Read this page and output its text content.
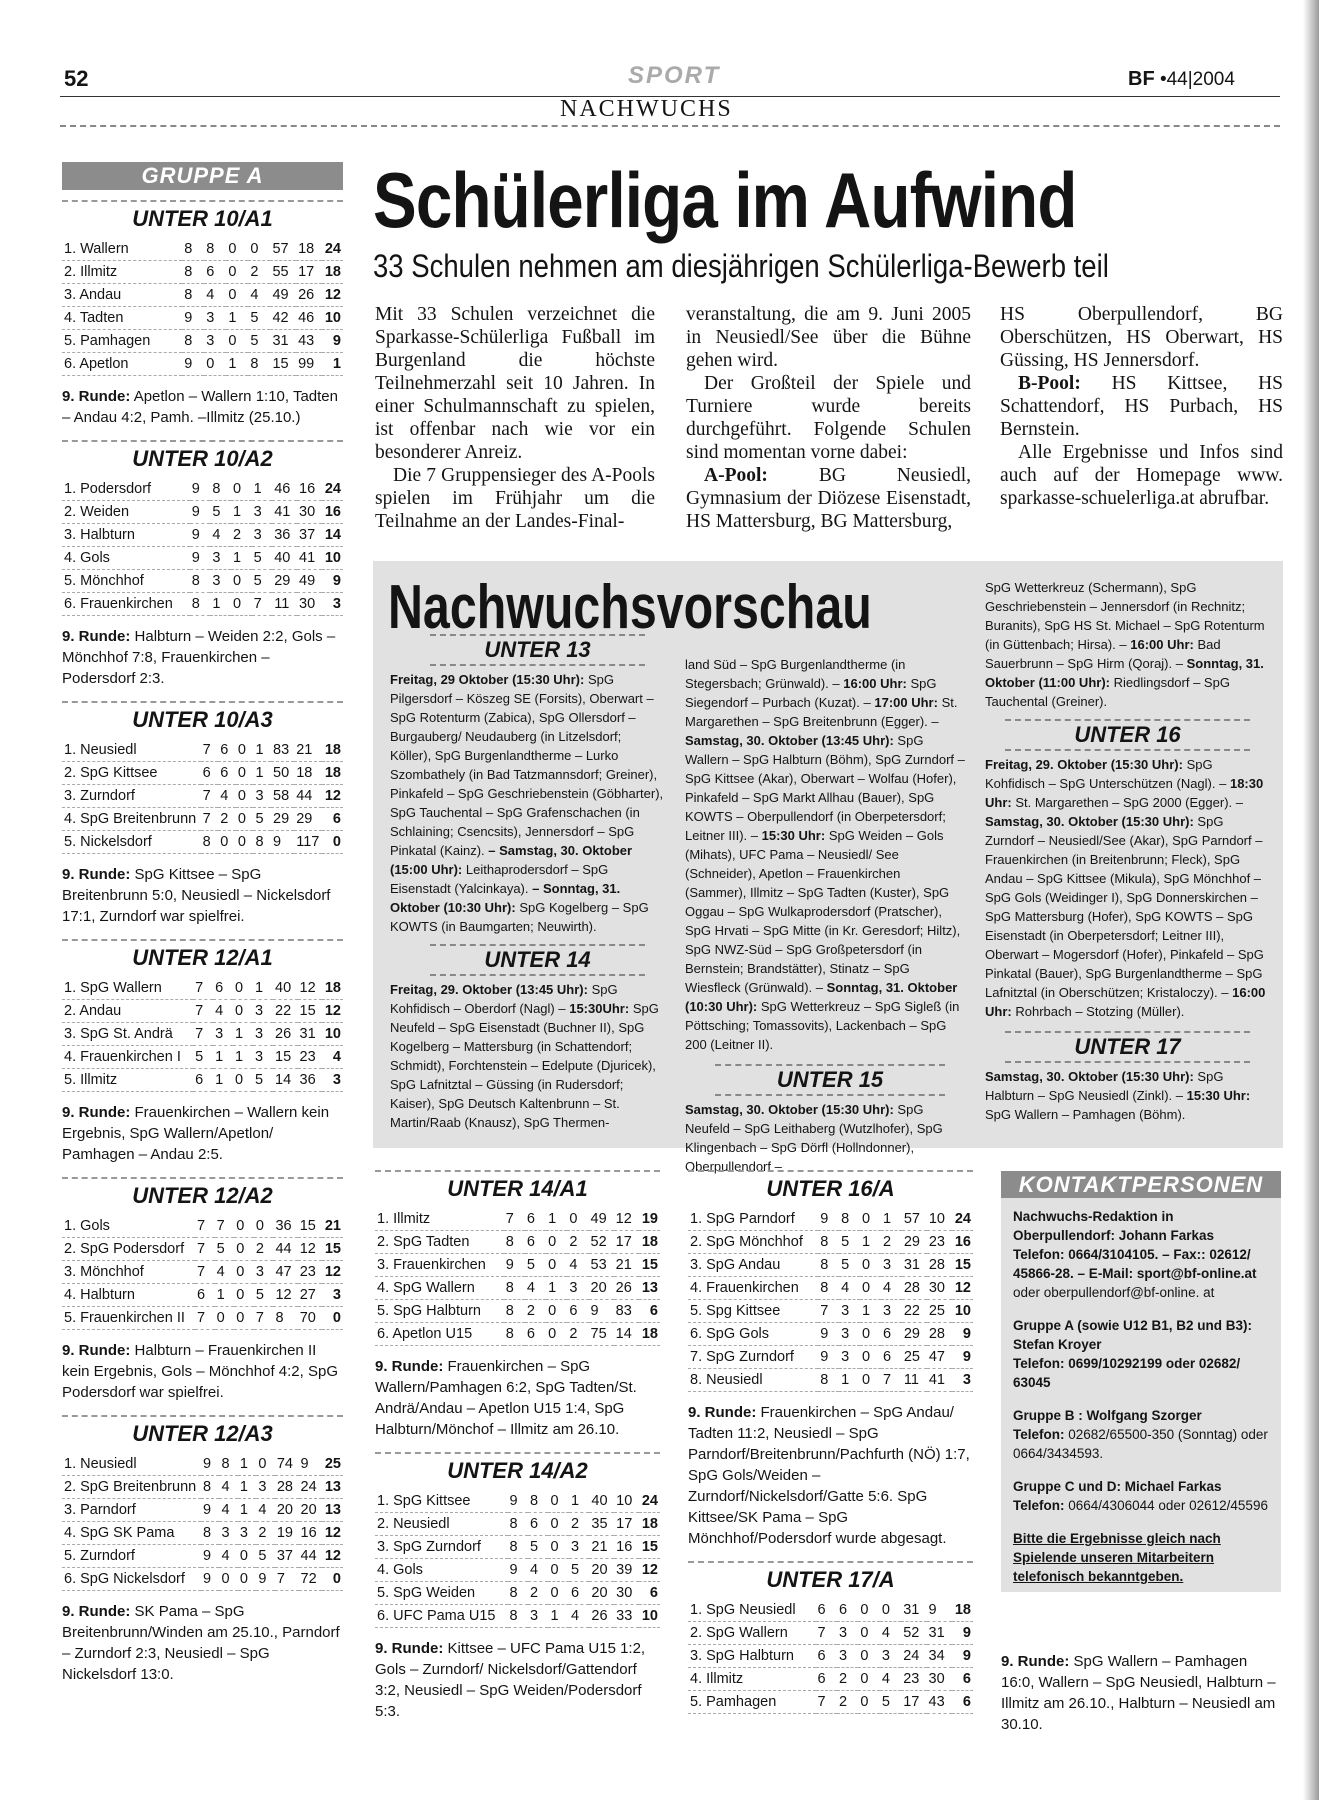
52	SPORT	BF •44|2004
NACHWUCHS
GRUPPE A
UNTER 10/A1
1. Wallern	8	8	0	0	57	18	24
2. Illmitz	8	6	0	2	55	17	18
3. Andau	8	4	0	4	49	26	12
4. Tadten	9	3	1	5	42	46	10
5. Pamhagen	8	3	0	5	31	43	9
6. Apetlon	9	0	1	8	15	99	1
9. Runde: Apetlon – Wallern 1:10, Tadten – Andau 4:2, Pamh. –Illmitz (25.10.)
UNTER 10/A2
1. Podersdorf	9	8	0	1	46	16	24
2. Weiden	9	5	1	3	41	30	16
3. Halbturn	9	4	2	3	36	37	14
4. Gols	9	3	1	5	40	41	10
5. Mönchhof	8	3	0	5	29	49	9
6. Frauenkirchen	8	1	0	7	11	30	3
9. Runde: Halbturn – Weiden 2:2, Gols – Mönchhof 7:8, Frauenkirchen – Podersdorf 2:3.
UNTER 10/A3
1. Neusiedl	7	6	0	1	83	21	18
2. SpG Kittsee	6	6	0	1	50	18	18
3. Zurndorf	7	4	0	3	58	44	12
4. SpG Breitenbrunn	7	2	0	5	29	29	6
5. Nickelsdorf	8	0	0	8	9	117	0
9. Runde: SpG Kittsee – SpG Breitenbrunn 5:0, Neusiedl – Nickelsdorf 17:1, Zurndorf war spielfrei.
UNTER 12/A1
1. SpG Wallern	7	6	0	1	40	12	18
2. Andau	7	4	0	3	22	15	12
3. SpG St. Andrä	7	3	1	3	26	31	10
4. Frauenkirchen I	5	1	1	3	15	23	4
5. Illmitz	6	1	0	5	14	36	3
9. Runde: Frauenkirchen – Wallern kein Ergebnis, SpG Wallern/Apetlon/ Pamhagen – Andau 2:5.
UNTER 12/A2
1. Gols	7	7	0	0	36	15	21
2. SpG Podersdorf	7	5	0	2	44	12	15
3. Mönchhof	7	4	0	3	47	23	12
4. Halbturn	6	1	0	5	12	27	3
5. Frauenkirchen II	7	0	0	7	8	70	0
9. Runde: Halbturn – Frauenkirchen II kein Ergebnis, Gols – Mönchhof 4:2, SpG Podersdorf war spielfrei.
UNTER 12/A3
1. Neusiedl	9	8	1	0	74	9	25
2. SpG Breitenbrunn	8	4	1	3	28	24	13
3. Parndorf	9	4	1	4	20	20	13
4. SpG SK Pama	8	3	3	2	19	16	12
5. Zurndorf	9	4	0	5	37	44	12
6. SpG Nickelsdorf	9	0	0	9	7	72	0
9. Runde: SK Pama – SpG Breitenbrunn/Winden am 25.10., Parndorf – Zurndorf 2:3, Neusiedl – SpG Nickelsdorf 13:0.
Schülerliga im Aufwind
33 Schulen nehmen am diesjährigen Schülerliga-Bewerb teil

Mit 33 Schulen verzeichnet die Sparkasse-Schülerliga Fußball im Burgenland die höchste Teilnehmerzahl seit 10 Jahren. In einer Schulmannschaft zu spielen, ist offenbar nach wie vor ein besonderer Anreiz.

Die 7 Gruppensieger des A-Pools spielen im Frühjahr um die Teilnahme an der Landes-Final-

veranstaltung, die am 9. Juni 2005 in Neusiedl/See über die Bühne gehen wird.

Der Großteil der Spiele und Turniere wurde bereits durchgeführt. Folgende Schulen sind momentan vorne dabei:

A-Pool:	BG Neusiedl, Gymnasium der Diözese Eisenstadt, HS Mattersburg, BG Mattersburg,

HS Oberpullendorf, BG Oberschützen, HS Oberwart, HS Güssing, HS Jennersdorf.

B-Pool: HS Kittsee, HS Schattendorf, HS Purbach, HS Bernstein.

Alle Ergebnisse und Infos sind auch auf der Homepage www. sparkasse-schuelerliga.at abrufbar.

Nachwuchsvorschau
UNTER 13
Freitag, 29 Oktober (15:30 Uhr): SpG Pilgersdorf – Köszeg SE (Forsits), Oberwart – SpG Rotenturm (Zabica), SpG Ollersdorf – Burgauberg/ Neudauberg (in Litzelsdorf; Köller), SpG Burgenlandtherme – Lurko Szombathely (in Bad Tatzmannsdorf; Greiner), Pinkafeld – SpG Geschriebenstein (Göbharter), SpG Tauchental – SpG Grafenschachen (in Schlaining; Csencsits), Jennersdorf – SpG Pinkatal (Kainz). – Samstag, 30. Oktober (15:00 Uhr): Leithaprodersdorf – SpG Eisenstadt (Yalcinkaya). – Sonntag, 31. Oktober (10:30 Uhr): SpG Kogelberg – SpG KOWTS (in Baumgarten; Neuwirth).
UNTER 14
Freitag, 29. Oktober (13:45 Uhr): SpG Kohfidisch – Oberdorf (Nagl) – 15:30Uhr: SpG Neufeld – SpG Eisenstadt (Buchner II), SpG Kogelberg – Mattersburg (in Schattendorf; Schmidt), Forchtenstein – Edelpute (Djuricek), SpG Lafnitztal – Güssing (in Rudersdorf; Kaiser), SpG Deutsch Kaltenbrunn – St. Martin/Raab (Knausz), SpG Thermen-
land Süd – SpG Burgenlandtherme (in Stegersbach; Grünwald). – 16:00 Uhr: SpG Siegendorf – Purbach (Kuzat). – 17:00 Uhr: St. Margarethen – SpG Breitenbrunn (Egger). – Samstag, 30. Oktober (13:45 Uhr): SpG Wallern – SpG Halbturn (Böhm), SpG Zurndorf – SpG Kittsee (Akar), Oberwart – Wolfau (Hofer), Pinkafeld – SpG Markt Allhau (Bauer), SpG KOWTS – Oberpullendorf (in Oberpetersdorf; Leitner III). – 15:30 Uhr: SpG Weiden – Gols (Mihats), UFC Pama – Neusiedl/ See (Schneider), Apetlon – Frauenkirchen (Sammer), Illmitz – SpG Tadten (Kuster), SpG Oggau – SpG Wulkaprodersdorf (Pratscher), SpG Hrvati – SpG Mitte (in Kr. Geresdorf; Hiltz), SpG NWZ-Süd – SpG Großpetersdorf (in Bernstein; Brandstätter), Stinatz – SpG Wiesfleck (Grünwald). – Sonntag, 31. Oktober (10:30 Uhr): SpG Wetterkreuz – SpG Sigleß (in Pöttsching; Tomassovits), Lackenbach – SpG 200 (Leitner II).
UNTER 15
Samstag, 30. Oktober (15:30 Uhr): SpG Neufeld – SpG Leithaberg (Wutzlhofer), SpG Klingenbach – SpG Dörfl (Hollndonner), Oberpullendorf –
SpG Wetterkreuz (Schermann), SpG Geschriebenstein – Jennersdorf (in Rechnitz; Buranits), SpG HS St. Michael – SpG Rotenturm (in Güttenbach; Hirsa). – 16:00 Uhr: Bad Sauerbrunn – SpG Hirm (Qoraj). – Sonntag, 31. Oktober (11:00 Uhr): Riedlingsdorf – SpG Tauchental (Greiner).
UNTER 16
Freitag, 29. Oktober (15:30 Uhr): SpG Kohfidisch – SpG Unterschützen (Nagl). – 18:30 Uhr: St. Margarethen – SpG 2000 (Egger). – Samstag, 30. Oktober (15:30 Uhr): SpG Zurndorf – Neusiedl/See (Akar), SpG Parndorf – Frauenkirchen (in Breitenbrunn; Fleck), SpG Andau – SpG Kittsee (Mikula), SpG Mönchhof – SpG Gols (Weidinger I), SpG Donnerskirchen – SpG Mattersburg (Hofer), SpG KOWTS – SpG Eisenstadt (in Oberpetersdorf; Leitner III), Oberwart – Mogersdorf (Hofer), Pinkafeld – SpG Pinkatal (Bauer), SpG Burgenlandtherme – SpG Lafnitztal (in Oberschützen; Kristaloczy). – 16:00 Uhr: Rohrbach – Stotzing (Müller).
UNTER 17
Samstag, 30. Oktober (15:30 Uhr): SpG Halbturn – SpG Neusiedl (Zinkl). – 15:30 Uhr: SpG Wallern – Pamhagen (Böhm).
UNTER 14/A1
1. Illmitz	7	6	1	0	49	12	19
2. SpG Tadten	8	6	0	2	52	17	18
3. Frauenkirchen	9	5	0	4	53	21	15
4. SpG Wallern	8	4	1	3	20	26	13
5. SpG Halbturn	8	2	0	6	9	83	6
6. Apetlon U15	8	6	0	2	75	14	18
9. Runde: Frauenkirchen – SpG Wallern/Pamhagen 6:2, SpG Tadten/St. Andrä/Andau – Apetlon U15 1:4, SpG Halbturn/Mönchof – Illmitz am 26.10.
UNTER 14/A2
1. SpG Kittsee	9	8	0	1	40	10	24
2. Neusiedl	8	6	0	2	35	17	18
3. SpG Zurndorf	8	5	0	3	21	16	15
4. Gols	9	4	0	5	20	39	12
5. SpG Weiden	8	2	0	6	20	30	6
6. UFC Pama U15	8	3	1	4	26	33	10
9. Runde: Kittsee – UFC Pama U15 1:2, Gols – Zurndorf/ Nickelsdorf/Gattendorf 3:2, Neusiedl – SpG Weiden/Podersdorf 5:3.
UNTER 16/A
1. SpG Parndorf	9	8	0	1	57	10	24
2. SpG Mönchhof	8	5	1	2	29	23	16
3. SpG Andau	8	5	0	3	31	28	15
4. Frauenkirchen	8	4	0	4	28	30	12
5. Spg Kittsee	7	3	1	3	22	25	10
6. SpG Gols	9	3	0	6	29	28	9
7. SpG Zurndorf	9	3	0	6	25	47	9
8. Neusiedl	8	1	0	7	11	41	3
9. Runde: Frauenkirchen – SpG Andau/ Tadten 11:2, Neusiedl – SpG Parndorf/Breitenbrunn/Pachfurth (NÖ) 1:7, SpG Gols/Weiden – Zurndorf/Nickelsdorf/Gatte 5:6. SpG Kittsee/SK Pama – SpG Mönchhof/Podersdorf wurde abgesagt.
UNTER 17/A
1. SpG Neusiedl	6	6	0	0	31	9	18
2. SpG Wallern	7	3	0	4	52	31	9
3. SpG Halbturn	6	3	0	3	24	34	9
4. Illmitz	6	2	0	4	23	30	6
5. Pamhagen	7	2	0	5	17	43	6
KONTAKTPERSONEN

Nachwuchs-Redaktion in Oberpullendorf: Johann Farkas
Telefon: 0664/3104105. – Fax:: 02612/ 45866-28. – E-Mail: sport@bf-online.at
oder oberpullendorf@bf-online. at

Gruppe A (sowie U12 B1, B2 und B3): Stefan Kroyer
Telefon: 0699/10292199 oder 02682/ 63045

Gruppe B : Wolfgang Szorger
Telefon: 02682/65500-350 (Sonntag) oder 0664/3434593.

Gruppe C und D: Michael Farkas
Telefon: 0664/4306044 oder 02612/45596

Bitte die Ergebnisse gleich nach Spielende unseren Mitarbeitern telefonisch bekanntgeben.

9. Runde: SpG Wallern – Pamhagen 16:0, Wallern – SpG Neusiedl, Halbturn – Illmitz am 26.10., Halbturn – Neusiedl am 30.10.
